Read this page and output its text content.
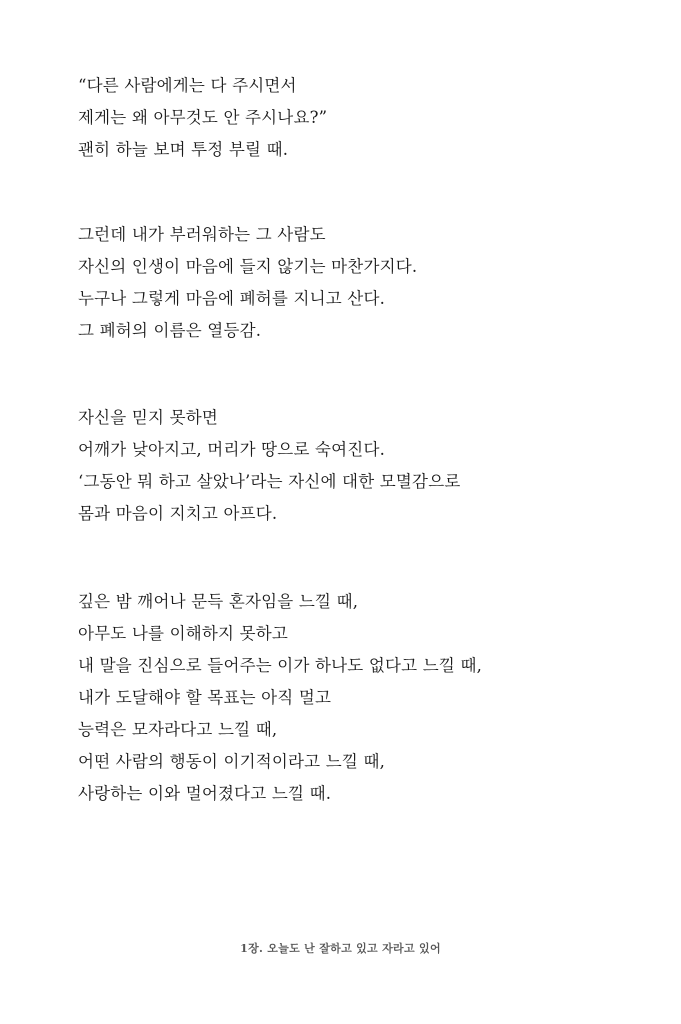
“다른 사람에게는 다 주시면서
제게는 왜 아무것도 안 주시나요?”
괜히 하늘 보며 투정 부릴 때.
그런데 내가 부러워하는 그 사람도
자신의 인생이 마음에 들지 않기는 마찬가지다.
누구나 그렇게 마음에 폐허를 지니고 산다.
그 폐허의 이름은 열등감.
자신을 믿지 못하면
어깨가 낮아지고, 머리가 땅으로 숙여진다.
‘그동안 뭐 하고 살았나’라는 자신에 대한 모멸감으로
몸과 마음이 지치고 아프다.
깊은 밤 깨어나 문득 혼자임을 느낄 때,
아무도 나를 이해하지 못하고
내 말을 진심으로 들어주는 이가 하나도 없다고 느낄 때,
내가 도달해야 할 목표는 아직 멀고
능력은 모자라다고 느낄 때,
어떤 사람의 행동이 이기적이라고 느낄 때,
사랑하는 이와 멀어졌다고 느낄 때.
1장. 오늘도 난 잘하고 있고 자라고 있어
